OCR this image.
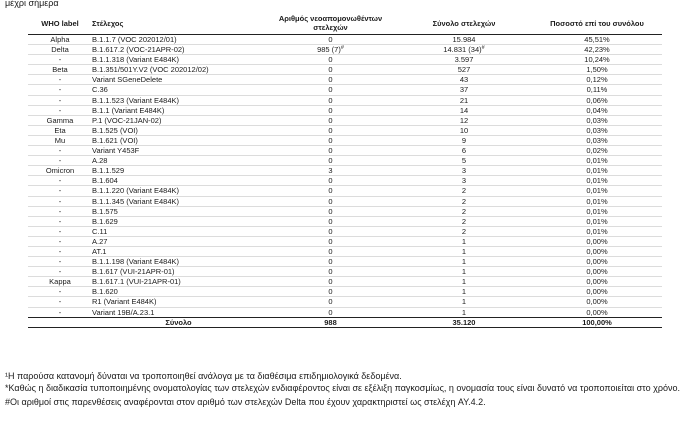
μέχρι σήμερα
WHO label	Στέλεχος	Αριθμός νεοαπομονωθέντων στελεχών	Σύνολο στελεχών	Ποσοστό επί του συνόλου
Alpha	B.1.1.7 (VOC 202012/01)	0	15.984	45,51%
Delta	B.1.617.2 (VOC-21APR-02)	985 (7)#	14.831 (34)#	42,23%
-	B.1.1.318 (Variant E484K)	0	3.597	10,24%
Beta	B.1.351/501Y.V2 (VOC 202012/02)	0	527	1,50%
-	Variant SGeneDelete	0	43	0,12%
-	C.36	0	37	0,11%
-	B.1.1.523 (Variant E484K)	0	21	0,06%
-	B.1.1 (Variant E484K)	0	14	0,04%
Gamma	P.1 (VOC-21JAN-02)	0	12	0,03%
Eta	B.1.525 (VOI)	0	10	0,03%
Mu	B.1.621 (VOI)	0	9	0,03%
-	Variant Y453F	0	6	0,02%
-	A.28	0	5	0,01%
Omicron	B.1.1.529	3	3	0,01%
-	B.1.604	0	3	0,01%
-	B.1.1.220 (Variant E484K)	0	2	0,01%
-	B.1.1.345 (Variant E484K)	0	2	0,01%
-	B.1.575	0	2	0,01%
-	B.1.629	0	2	0,01%
-	C.11	0	2	0,01%
-	A.27	0	1	0,00%
-	AT.1	0	1	0,00%
-	B.1.1.198 (Variant E484K)	0	1	0,00%
-	B.1.617 (VUI-21APR-01)	0	1	0,00%
Kappa	B.1.617.1 (VUI-21APR-01)	0	1	0,00%
-	B.1.620	0	1	0,00%
-	R1 (Variant E484K)	0	1	0,00%
-	Variant 19B/A.23.1	0	1	0,00%
	Σύνολο	988	35.120	100,00%

¹Η παρούσα κατανομή δύναται να τροποποιηθεί ανάλογα με τα διαθέσιμα επιδημιολογικά δεδομένα.

*Καθώς η διαδικασία τυποποιημένης ονοματολογίας των στελεχών ενδιαφέροντος είναι σε εξέλιξη παγκοσμίως, η ονομασία τους είναι δυνατό να τροποποιείται στο χρόνο.

#Οι αριθμοί στις παρενθέσεις αναφέρονται στον αριθμό των στελεχών Delta που έχουν χαρακτηριστεί ως στελέχη AY.4.2.
